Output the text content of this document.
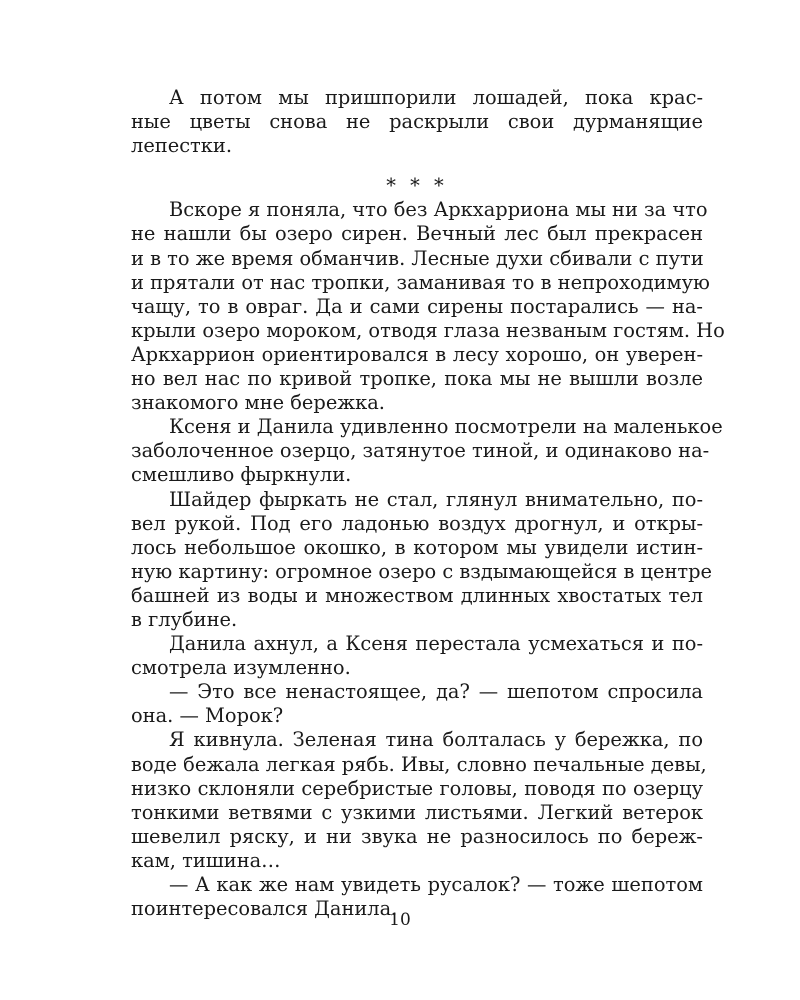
А потом мы пришпорили лошадей, пока крас-
ные цветы снова не раскрыли свои дурманящие
лепестки.
* * *
Вскоре я поняла, что без Аркхарриона мы ни за что
не нашли бы озеро сирен. Вечный лес был прекрасен
и в то же время обманчив. Лесные духи сбивали с пути
и прятали от нас тропки, заманивая то в непроходимую
чащу, то в овраг. Да и сами сирены постарались — на-
крыли озеро мороком, отводя глаза незваным гостям. Но
Аркхаррион ориентировался в лесу хорошо, он уверен-
но вел нас по кривой тропке, пока мы не вышли возле
знакомого мне бережка.
Ксеня и Данила удивленно посмотрели на маленькое
заболоченное озерцо, затянутое тиной, и одинаково на-
смешливо фыркнули.
Шайдер фыркать не стал, глянул внимательно, по-
вел рукой. Под его ладонью воздух дрогнул, и откры-
лось небольшое окошко, в котором мы увидели истин-
ную картину: огромное озеро с вздымающейся в центре
башней из воды и множеством длинных хвостатых тел
в глубине.
Данила ахнул, а Ксеня перестала усмехаться и по-
смотрела изумленно.
— Это все ненастоящее, да? — шепотом спросила
она. — Морок?
Я кивнула. Зеленая тина болталась у бережка, по
воде бежала легкая рябь. Ивы, словно печальные девы,
низко склоняли серебристые головы, поводя по озерцу
тонкими ветвями с узкими листьями. Легкий ветерок
шевелил ряску, и ни звука не разносилось по береж-
кам, тишина…
— А как же нам увидеть русалок? — тоже шепотом
поинтересовался Данила.
10
